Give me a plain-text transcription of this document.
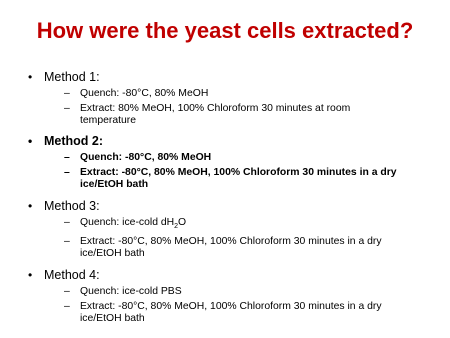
How were the yeast cells extracted?
• Method 1:
– Quench: -80°C, 80% MeOH
– Extract: 80% MeOH, 100% Chloroform 30 minutes at room
temperature
• Method 2:
– Quench: -80°C, 80% MeOH
– Extract: -80°C, 80% MeOH, 100% Chloroform 30 minutes in a dry
ice/EtOH bath
• Method 3:
– Quench: ice-cold $dH_2O$
– Extract: -80°C, 80% MeOH, 100% Chloroform 30 minutes in a dry
ice/EtOH bath
• Method 4:
– Quench: ice-cold PBS
– Extract: -80°C, 80% MeOH, 100% Chloroform 30 minutes in a dry
ice/EtOH bath
